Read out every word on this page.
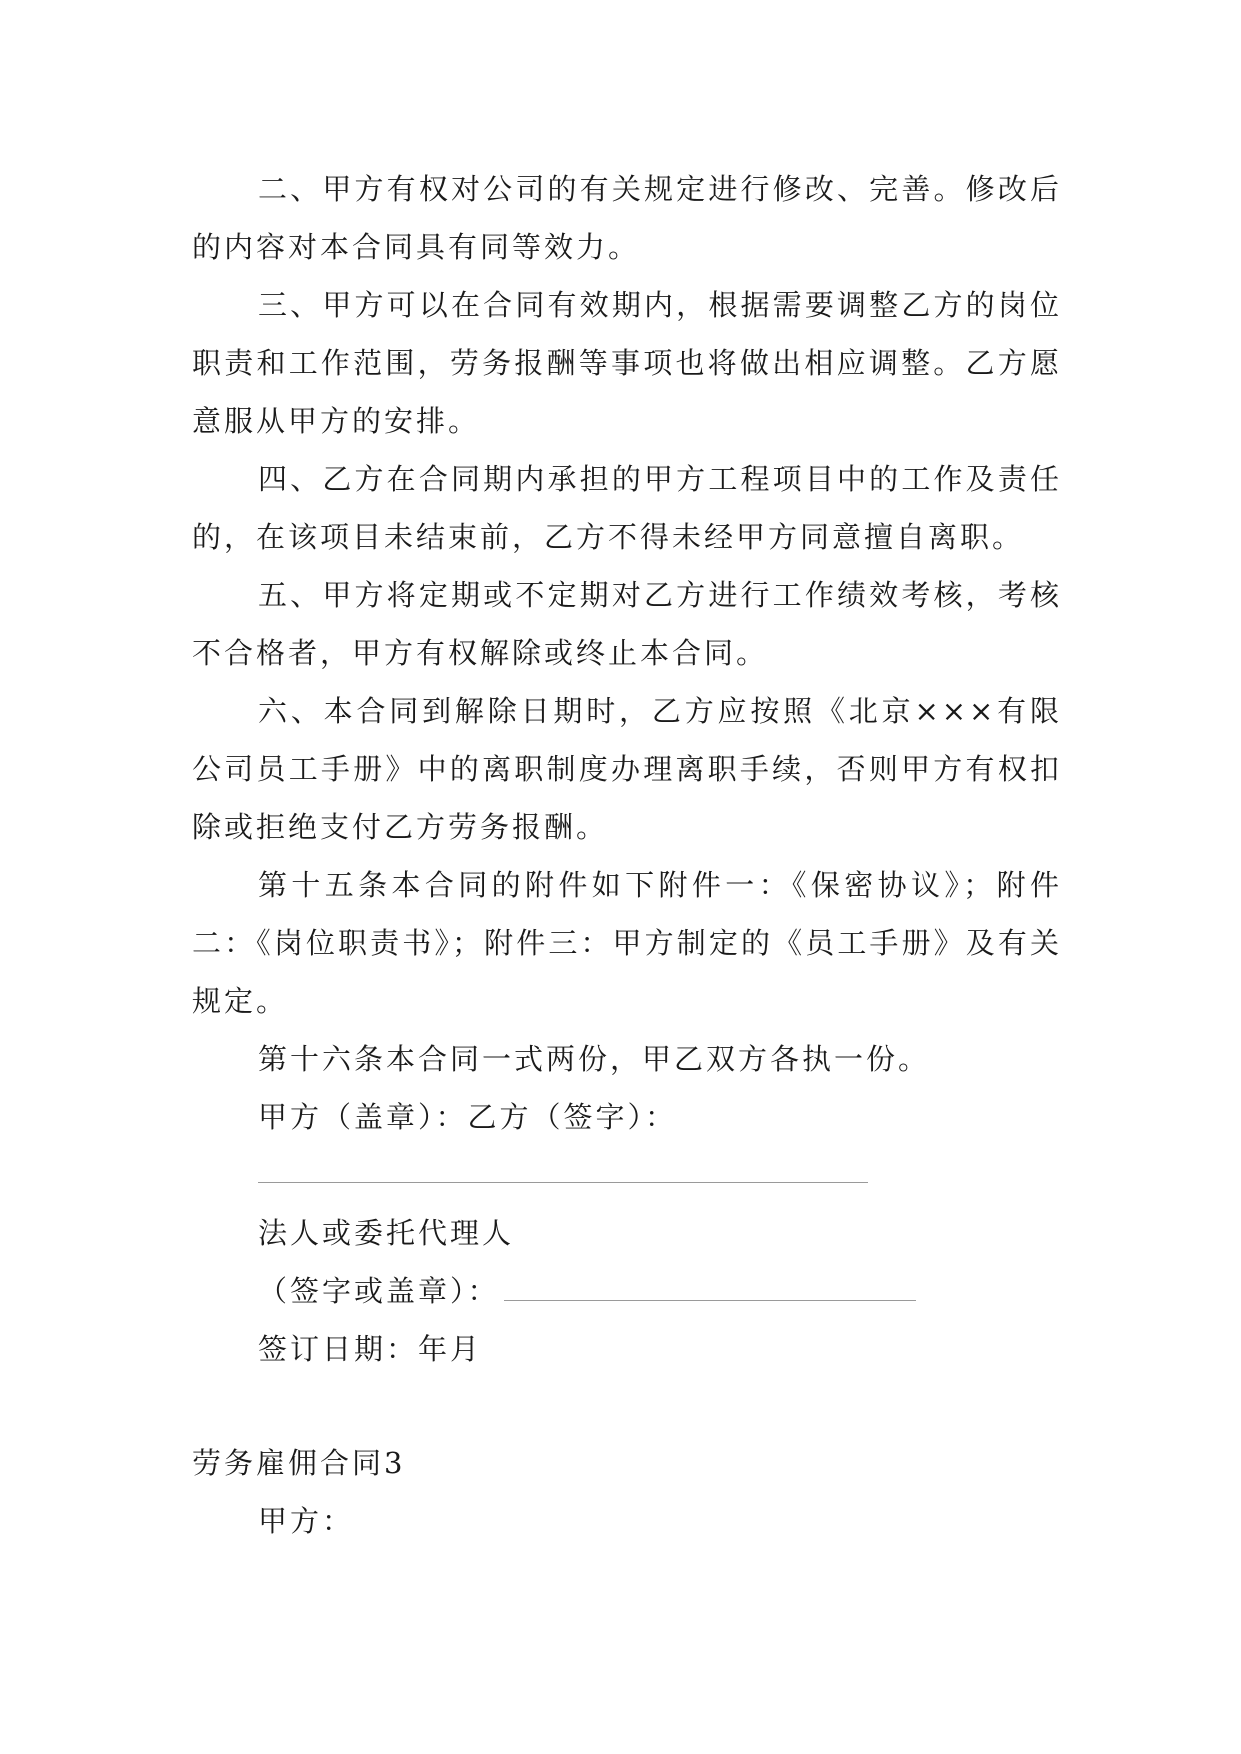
二、甲方有权对公司的有关规定进行修改、完善。修改后的内容对本合同具有同等效力。

三、甲方可以在合同有效期内，根据需要调整乙方的岗位职责和工作范围，劳务报酬等事项也将做出相应调整。乙方愿意服从甲方的安排。

四、乙方在合同期内承担的甲方工程项目中的工作及责任的，在该项目未结束前，乙方不得未经甲方同意擅自离职。

五、甲方将定期或不定期对乙方进行工作绩效考核，考核不合格者，甲方有权解除或终止本合同。

六、本合同到解除日期时，乙方应按照《北京×××有限公司员工手册》中的离职制度办理离职手续，否则甲方有权扣除或拒绝支付乙方劳务报酬。

第十五条本合同的附件如下附件一：《保密协议》；附件二：《岗位职责书》；附件三：甲方制定的《员工手册》及有关规定。

第十六条本合同一式两份，甲乙双方各执一份。

甲方（盖章）：乙方（签字）：

法人或委托代理人

（签字或盖章）：

签订日期：年月

劳务雇佣合同3

甲方：
